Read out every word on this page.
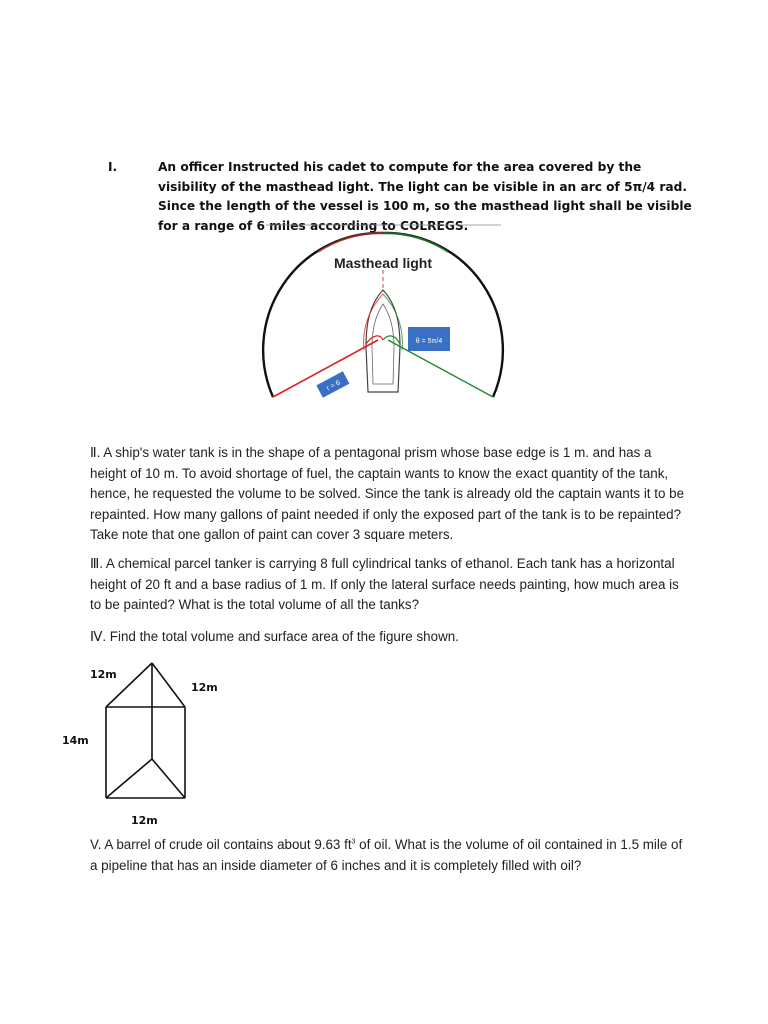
I.	An officer Instructed his cadet to compute for the area covered by the visibility of the masthead light. The light can be visible in an arc of 5π/4 rad. Since the length of the vessel is 100 m, so the masthead light shall be visible for a range of 6 miles according to COLREGS.
Masthead light
θ = 5π/4
r = 6
Ⅱ. A ship's water tank is in the shape of a pentagonal prism whose base edge is 1 m. and has a height of 10 m. To avoid shortage of fuel, the captain wants to know the exact quantity of the tank, hence, he requested the volume to be solved. Since the tank is already old the captain wants it to be repainted. How many gallons of paint needed if only the exposed part of the tank is to be repainted? Take note that one gallon of paint can cover 3 square meters.
Ⅲ. A chemical parcel tanker is carrying 8 full cylindrical tanks of ethanol. Each tank has a horizontal height of 20 ft and a base radius of 1 m. If only the lateral surface needs painting, how much area is to be painted? What is the total volume of all the tanks?
Ⅳ. Find the total volume and surface area of the figure shown.
12m
12m
14m
12m
V. A barrel of crude oil contains about 9.63 $ft^3$ of oil. What is the volume of oil contained in 1.5 mile of a pipeline that has an inside diameter of 6 inches and it is completely filled with oil?
